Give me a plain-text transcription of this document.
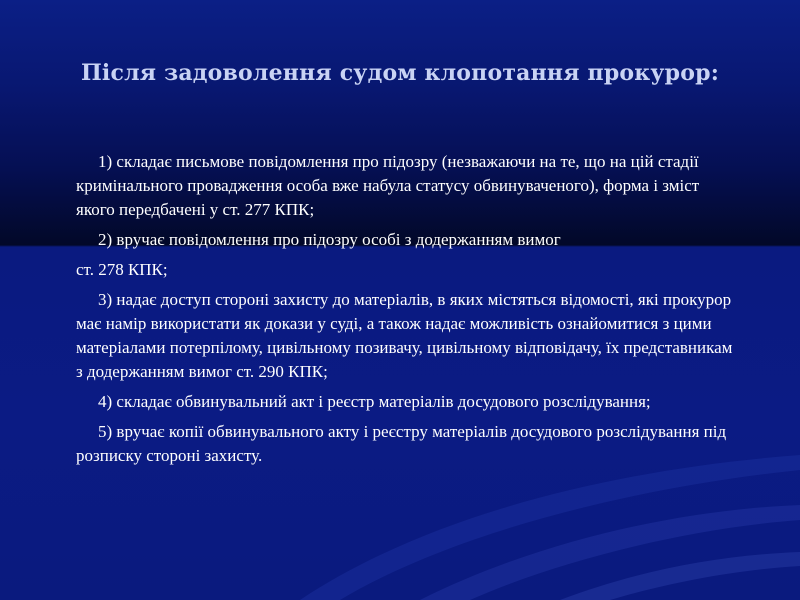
Після задоволення судом клопотання прокурор:

1) складає письмове повідомлення про підозру (незважаючи на те, що на цій стадії кримінального провадження особа вже набула статусу обвинуваченого), форма і зміст якого передбачені у ст. 277 КПК;

2) вручає повідомлення про підозру особі з додержанням вимог

ст. 278 КПК;

3) надає доступ стороні захисту до матеріалів, в яких містяться відомості, які прокурор має намір використати як докази у суді, а також надає можливість ознайомитися з цими матеріалами потерпілому, цивільному позивачу, цивільному відповідачу, їх представникам з додержанням вимог ст. 290 КПК;

4) складає обвинувальний акт і реєстр матеріалів досудового розслідування;

5) вручає копії обвинувального акту і реєстру матеріалів досудового розслідування під розписку стороні захисту.
